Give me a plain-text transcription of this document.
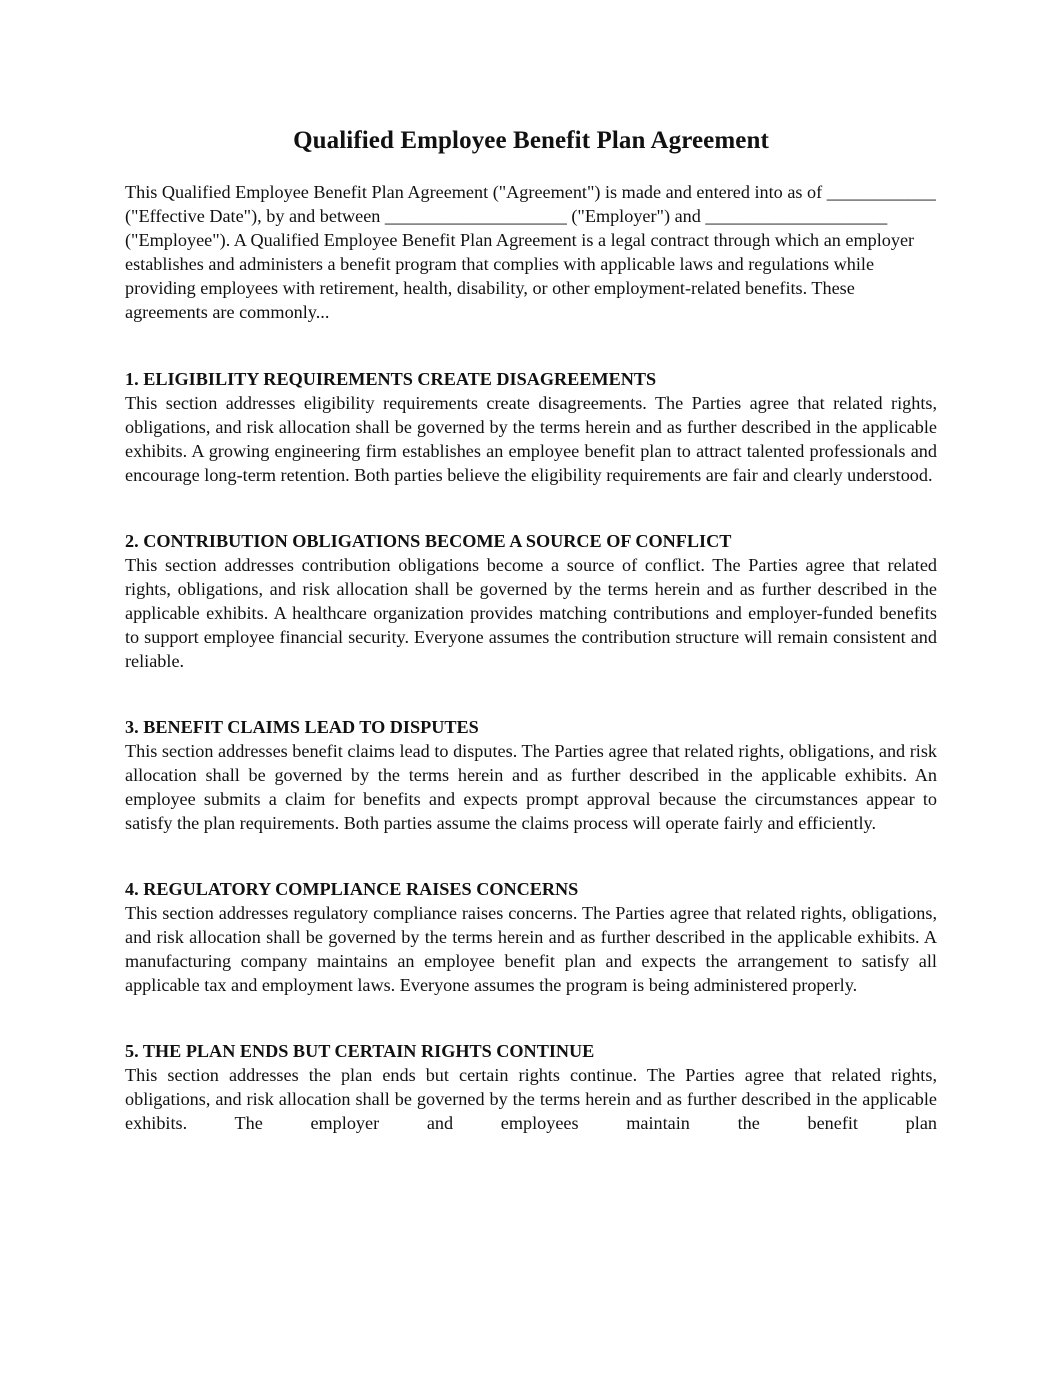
Qualified Employee Benefit Plan Agreement

This Qualified Employee Benefit Plan Agreement ("Agreement") is made and entered into as of ____________ ("Effective Date"), by and between ____________________ ("Employer") and ____________________ ("Employee"). A Qualified Employee Benefit Plan Agreement is a legal contract through which an employer establishes and administers a benefit program that complies with applicable laws and regulations while providing employees with retirement, health, disability, or other employment-related benefits. These agreements are commonly...

1. ELIGIBILITY REQUIREMENTS CREATE DISAGREEMENTS

This section addresses eligibility requirements create disagreements. The Parties agree that related rights, obligations, and risk allocation shall be governed by the terms herein and as further described in the applicable exhibits. A growing engineering firm establishes an employee benefit plan to attract talented professionals and encourage long-term retention. Both parties believe the eligibility requirements are fair and clearly understood.

2. CONTRIBUTION OBLIGATIONS BECOME A SOURCE OF CONFLICT

This section addresses contribution obligations become a source of conflict. The Parties agree that related rights, obligations, and risk allocation shall be governed by the terms herein and as further described in the applicable exhibits. A healthcare organization provides matching contributions and employer-funded benefits to support employee financial security. Everyone assumes the contribution structure will remain consistent and reliable.

3. BENEFIT CLAIMS LEAD TO DISPUTES

This section addresses benefit claims lead to disputes. The Parties agree that related rights, obligations, and risk allocation shall be governed by the terms herein and as further described in the applicable exhibits. An employee submits a claim for benefits and expects prompt approval because the circumstances appear to satisfy the plan requirements. Both parties assume the claims process will operate fairly and efficiently.

4. REGULATORY COMPLIANCE RAISES CONCERNS

This section addresses regulatory compliance raises concerns. The Parties agree that related rights, obligations, and risk allocation shall be governed by the terms herein and as further described in the applicable exhibits. A manufacturing company maintains an employee benefit plan and expects the arrangement to satisfy all applicable tax and employment laws. Everyone assumes the program is being administered properly.

5. THE PLAN ENDS BUT CERTAIN RIGHTS CONTINUE

This section addresses the plan ends but certain rights continue. The Parties agree that related rights, obligations, and risk allocation shall be governed by the terms herein and as further described in the applicable exhibits. The employer and employees maintain the benefit plan
